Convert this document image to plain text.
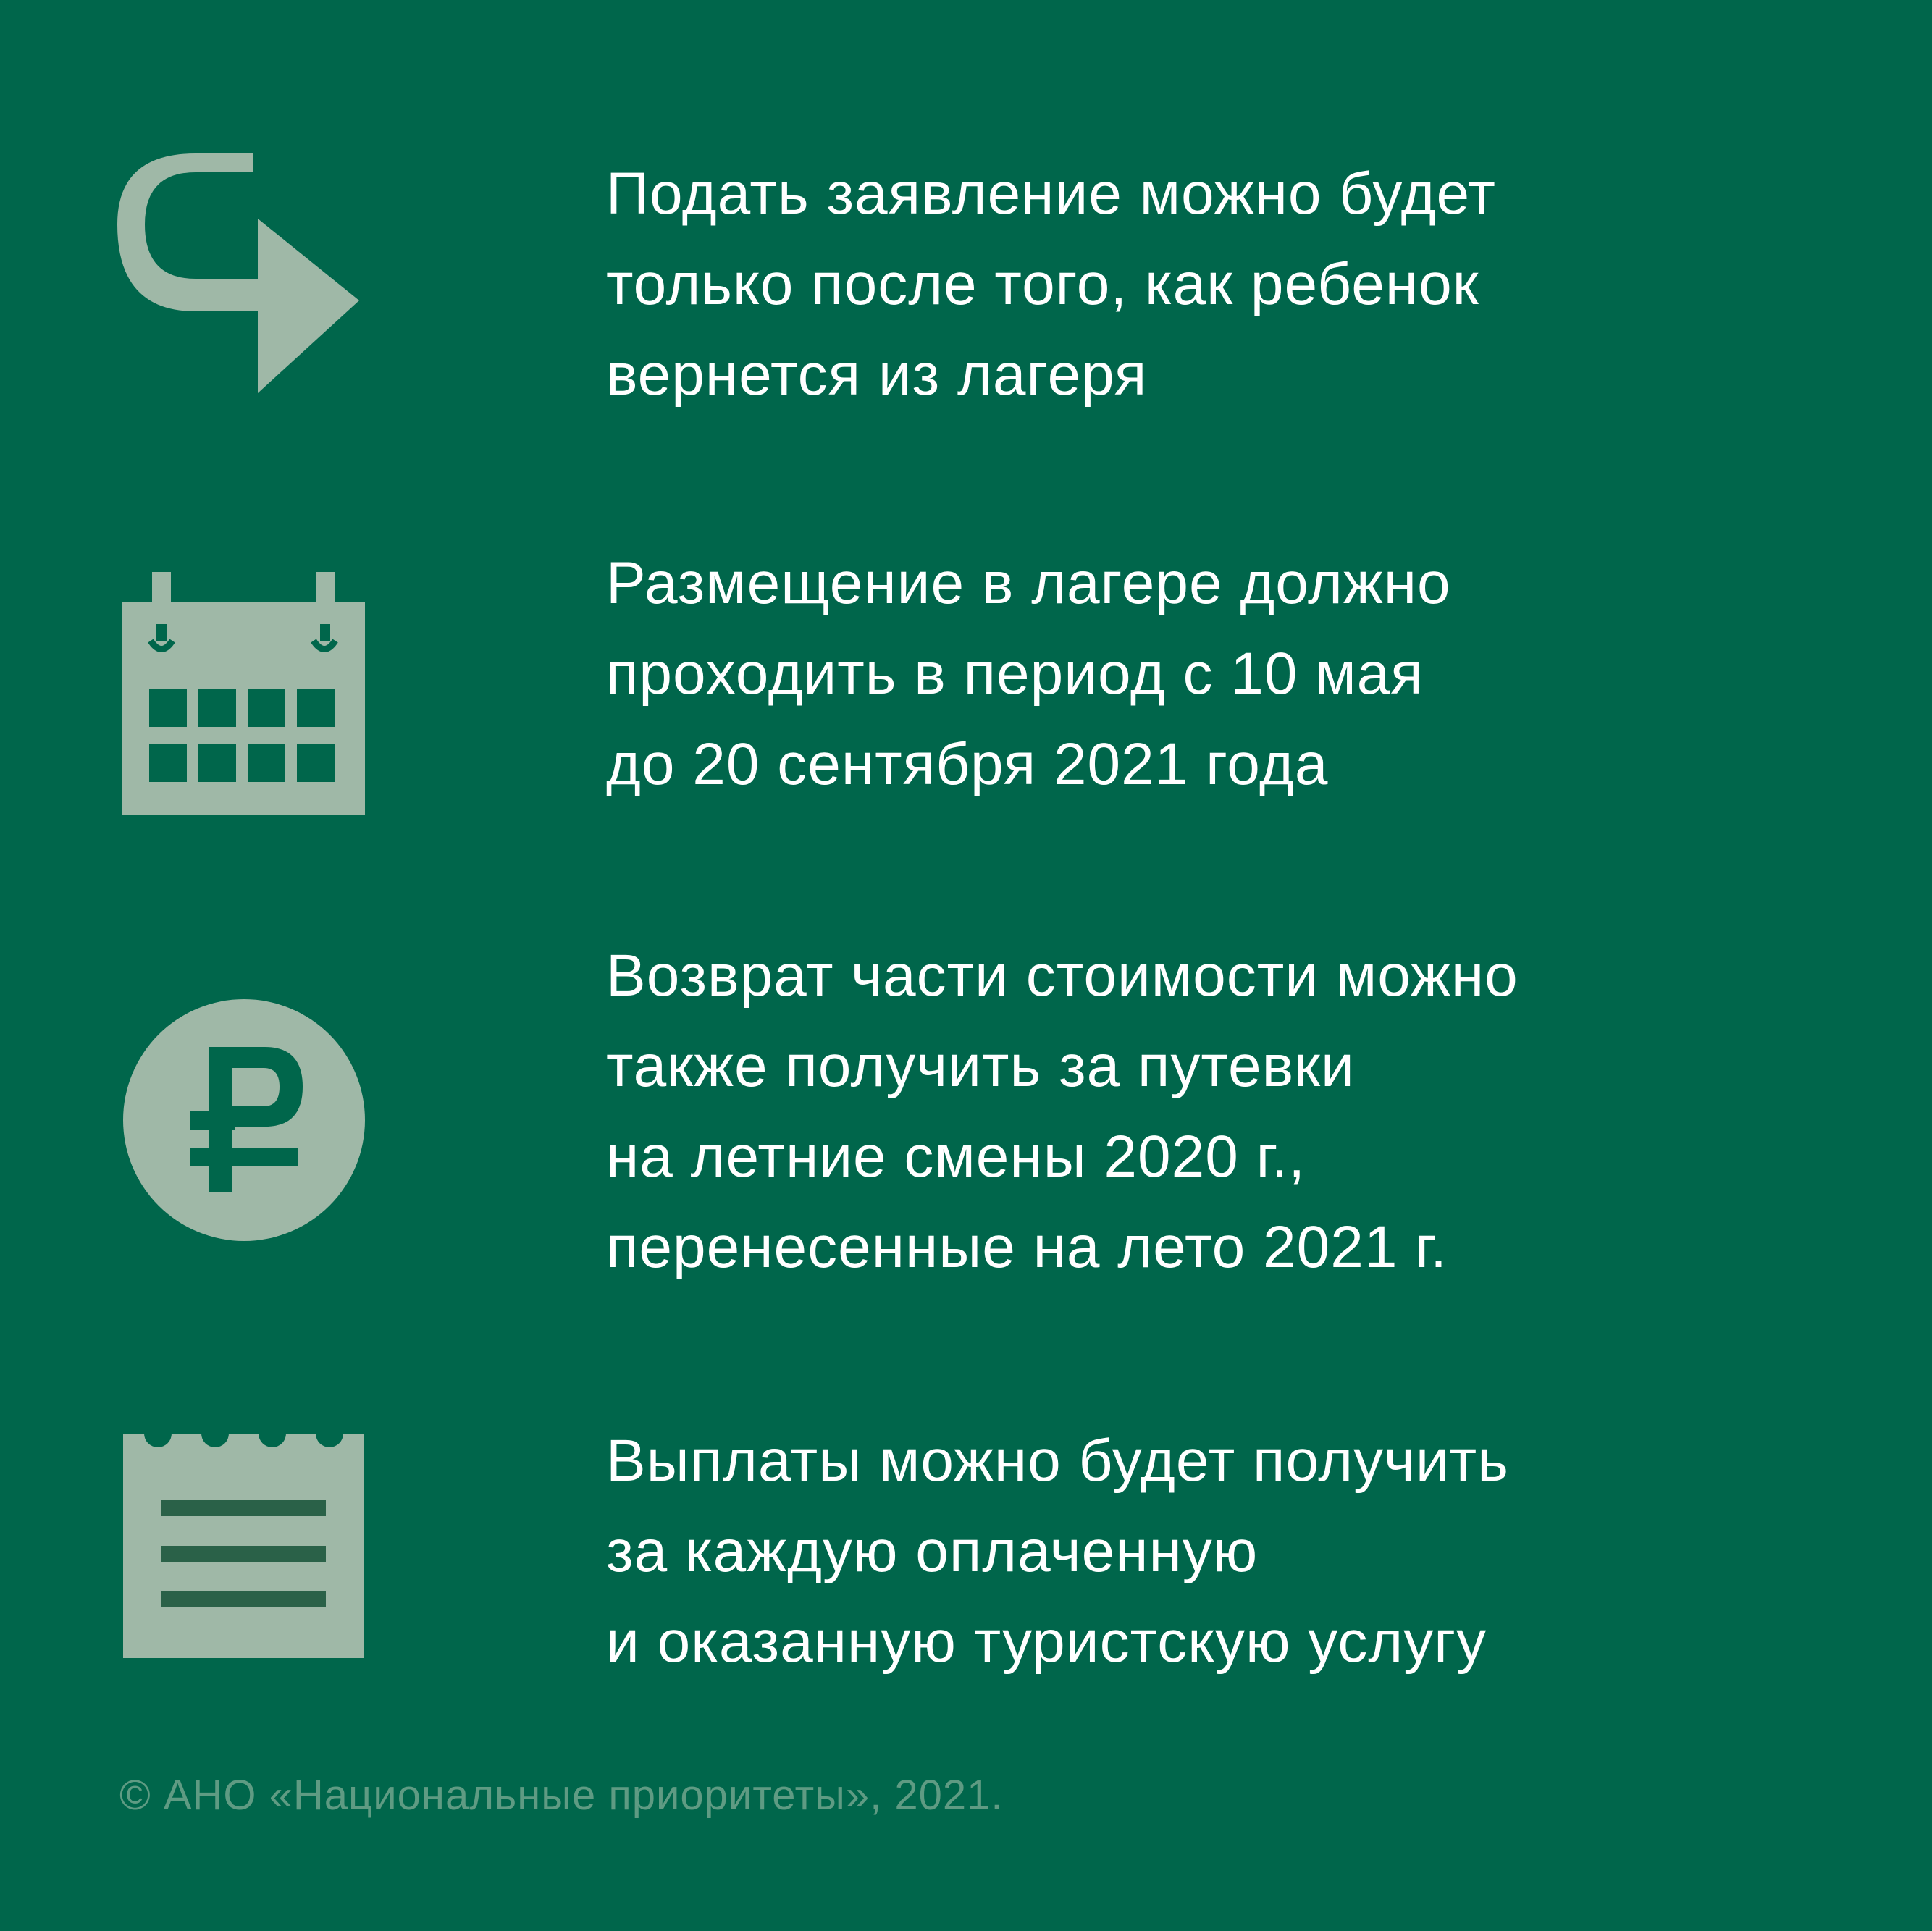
Подать заявление можно будет
только после того, как ребенок
вернется из лагеря
Размещение в лагере должно
проходить в период с 10 мая
до 20 сентября 2021 года
Возврат части стоимости можно
также получить за путевки
на летние смены 2020 г.,
перенесенные на лето 2021 г.
Выплаты можно будет получить
за каждую оплаченную
и оказанную туристскую услугу
© АНО «Национальные приоритеты», 2021.
